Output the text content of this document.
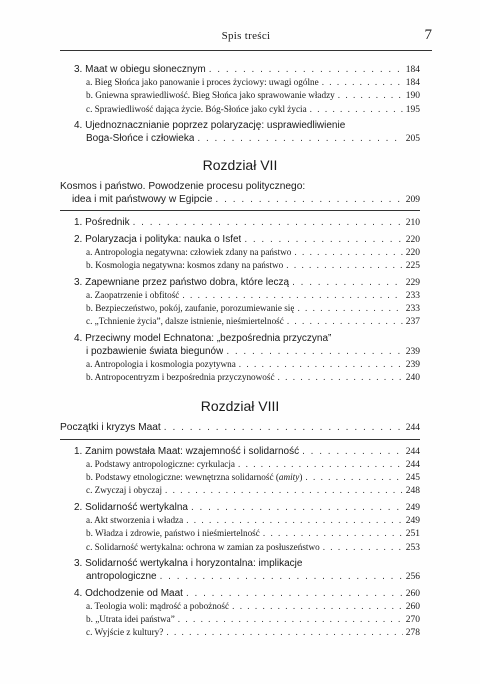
Spis treści	7
3. Maat w obiegu słonecznym . . .	184
a. Bieg Słońca jako panowanie i proces życiowy: uwagi ogólne . . .	184
b. Gniewna sprawiedliwość. Bieg Słońca jako sprawowanie władzy . . .	190
c. Sprawiedliwość dająca życie. Bóg-Słońce jako cykl życia . . .	195
4. Ujednoznacznianie poprzez polaryzację: usprawiedliwienie
Boga-Słońce i człowieka . . .	205
Rozdział VII
Kosmos i państwo. Powodzenie procesu politycznego:
idea i mit państwowy w Egipcie . . .	209
1. Pośrednik . . .	210
2. Polaryzacja i polityka: nauka o Isfet . . .	220
a. Antropologia negatywna: człowiek zdany na państwo . . .	220
b. Kosmologia negatywna: kosmos zdany na państwo . . .	225
3. Zapewniane przez państwo dobra, które leczą . . .	229
a. Zaopatrzenie i obfitość . . .	233
b. Bezpieczeństwo, pokój, zaufanie, porozumiewanie się . . .	233
c. „Tchnienie życia”, dalsze istnienie, nieśmiertelność . . .	237
4. Przeciwny model Echnatona: „bezpośrednia przyczyna”
i pozbawienie świata biegunów . . .	239
a. Antropologia i kosmologia pozytywna . . .	239
b. Antropocentryzm i bezpośrednia przyczynowość . . .	240
Rozdział VIII
Początki i kryzys Maat . . .	244
1. Zanim powstała Maat: wzajemność i solidarność . . .	244
a. Podstawy antropologiczne: cyrkulacja . . .	244
b. Podstawy etnologiczne: wewnętrzna solidarność (amity) . . .	245
c. Zwyczaj i obyczaj . . .	248
2. Solidarność wertykalna . . .	249
a. Akt stworzenia i władza . . .	249
b. Władza i zdrowie, państwo i nieśmiertelność . . .	251
c. Solidarność wertykalna: ochrona w zamian za posłuszeństwo . . .	253
3. Solidarność wertykalna i horyzontalna: implikacje
antropologiczne . . .	256
4. Odchodzenie od Maat . . .	260
a. Teologia woli: mądrość a pobożność . . .	260
b. „Utrata idei państwa” . . .	270
c. Wyjście z kultury? . . .	278
